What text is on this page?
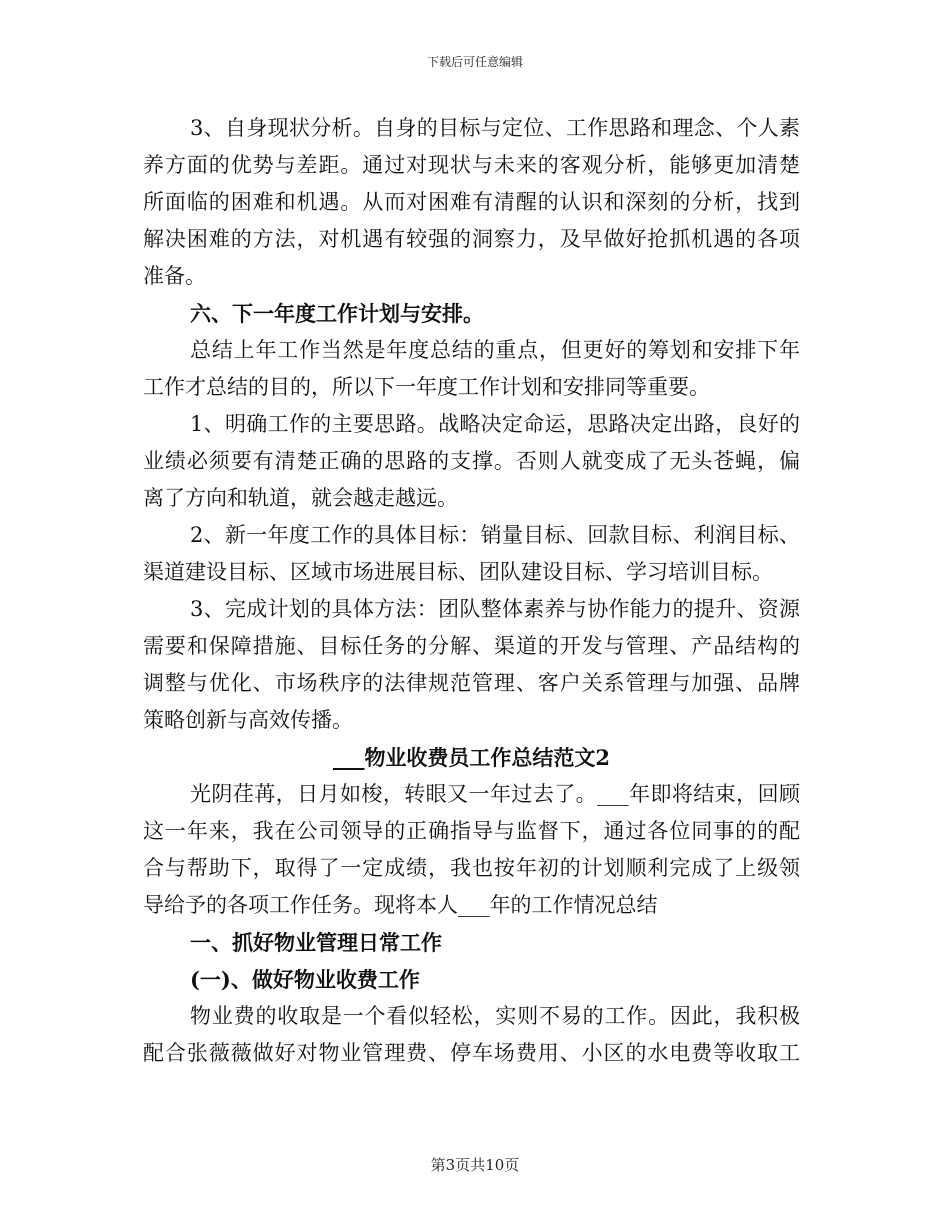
下载后可任意编辑
3、自身现状分析。自身的目标与定位、工作思路和理念、个人素
养方面的优势与差距。通过对现状与未来的客观分析，能够更加清楚
所面临的困难和机遇。从而对困难有清醒的认识和深刻的分析，找到
解决困难的方法，对机遇有较强的洞察力，及早做好抢抓机遇的各项
准备。
六、下一年度工作计划与安排。
总结上年工作当然是年度总结的重点，但更好的筹划和安排下年
工作才总结的目的，所以下一年度工作计划和安排同等重要。
1、明确工作的主要思路。战略决定命运，思路决定出路，良好的
业绩必须要有清楚正确的思路的支撑。否则人就变成了无头苍蝇，偏
离了方向和轨道，就会越走越远。
2、新一年度工作的具体目标：销量目标、回款目标、利润目标、
渠道建设目标、区域市场进展目标、团队建设目标、学习培训目标。
3、完成计划的具体方法：团队整体素养与协作能力的提升、资源
需要和保障措施、目标任务的分解、渠道的开发与管理、产品结构的
调整与优化、市场秩序的法律规范管理、客户关系管理与加强、品牌
策略创新与高效传播。
___物业收费员工作总结范文2
光阴荏苒，日月如梭，转眼又一年过去了。___年即将结束，回顾
这一年来，我在公司领导的正确指导与监督下，通过各位同事的的配
合与帮助下，取得了一定成绩，我也按年初的计划顺利完成了上级领
导给予的各项工作任务。现将本人___年的工作情况总结
一、抓好物业管理日常工作
(一)、做好物业收费工作
物业费的收取是一个看似轻松，实则不易的工作。因此，我积极
配合张薇薇做好对物业管理费、停车场费用、小区的水电费等收取工
第3页共10页
